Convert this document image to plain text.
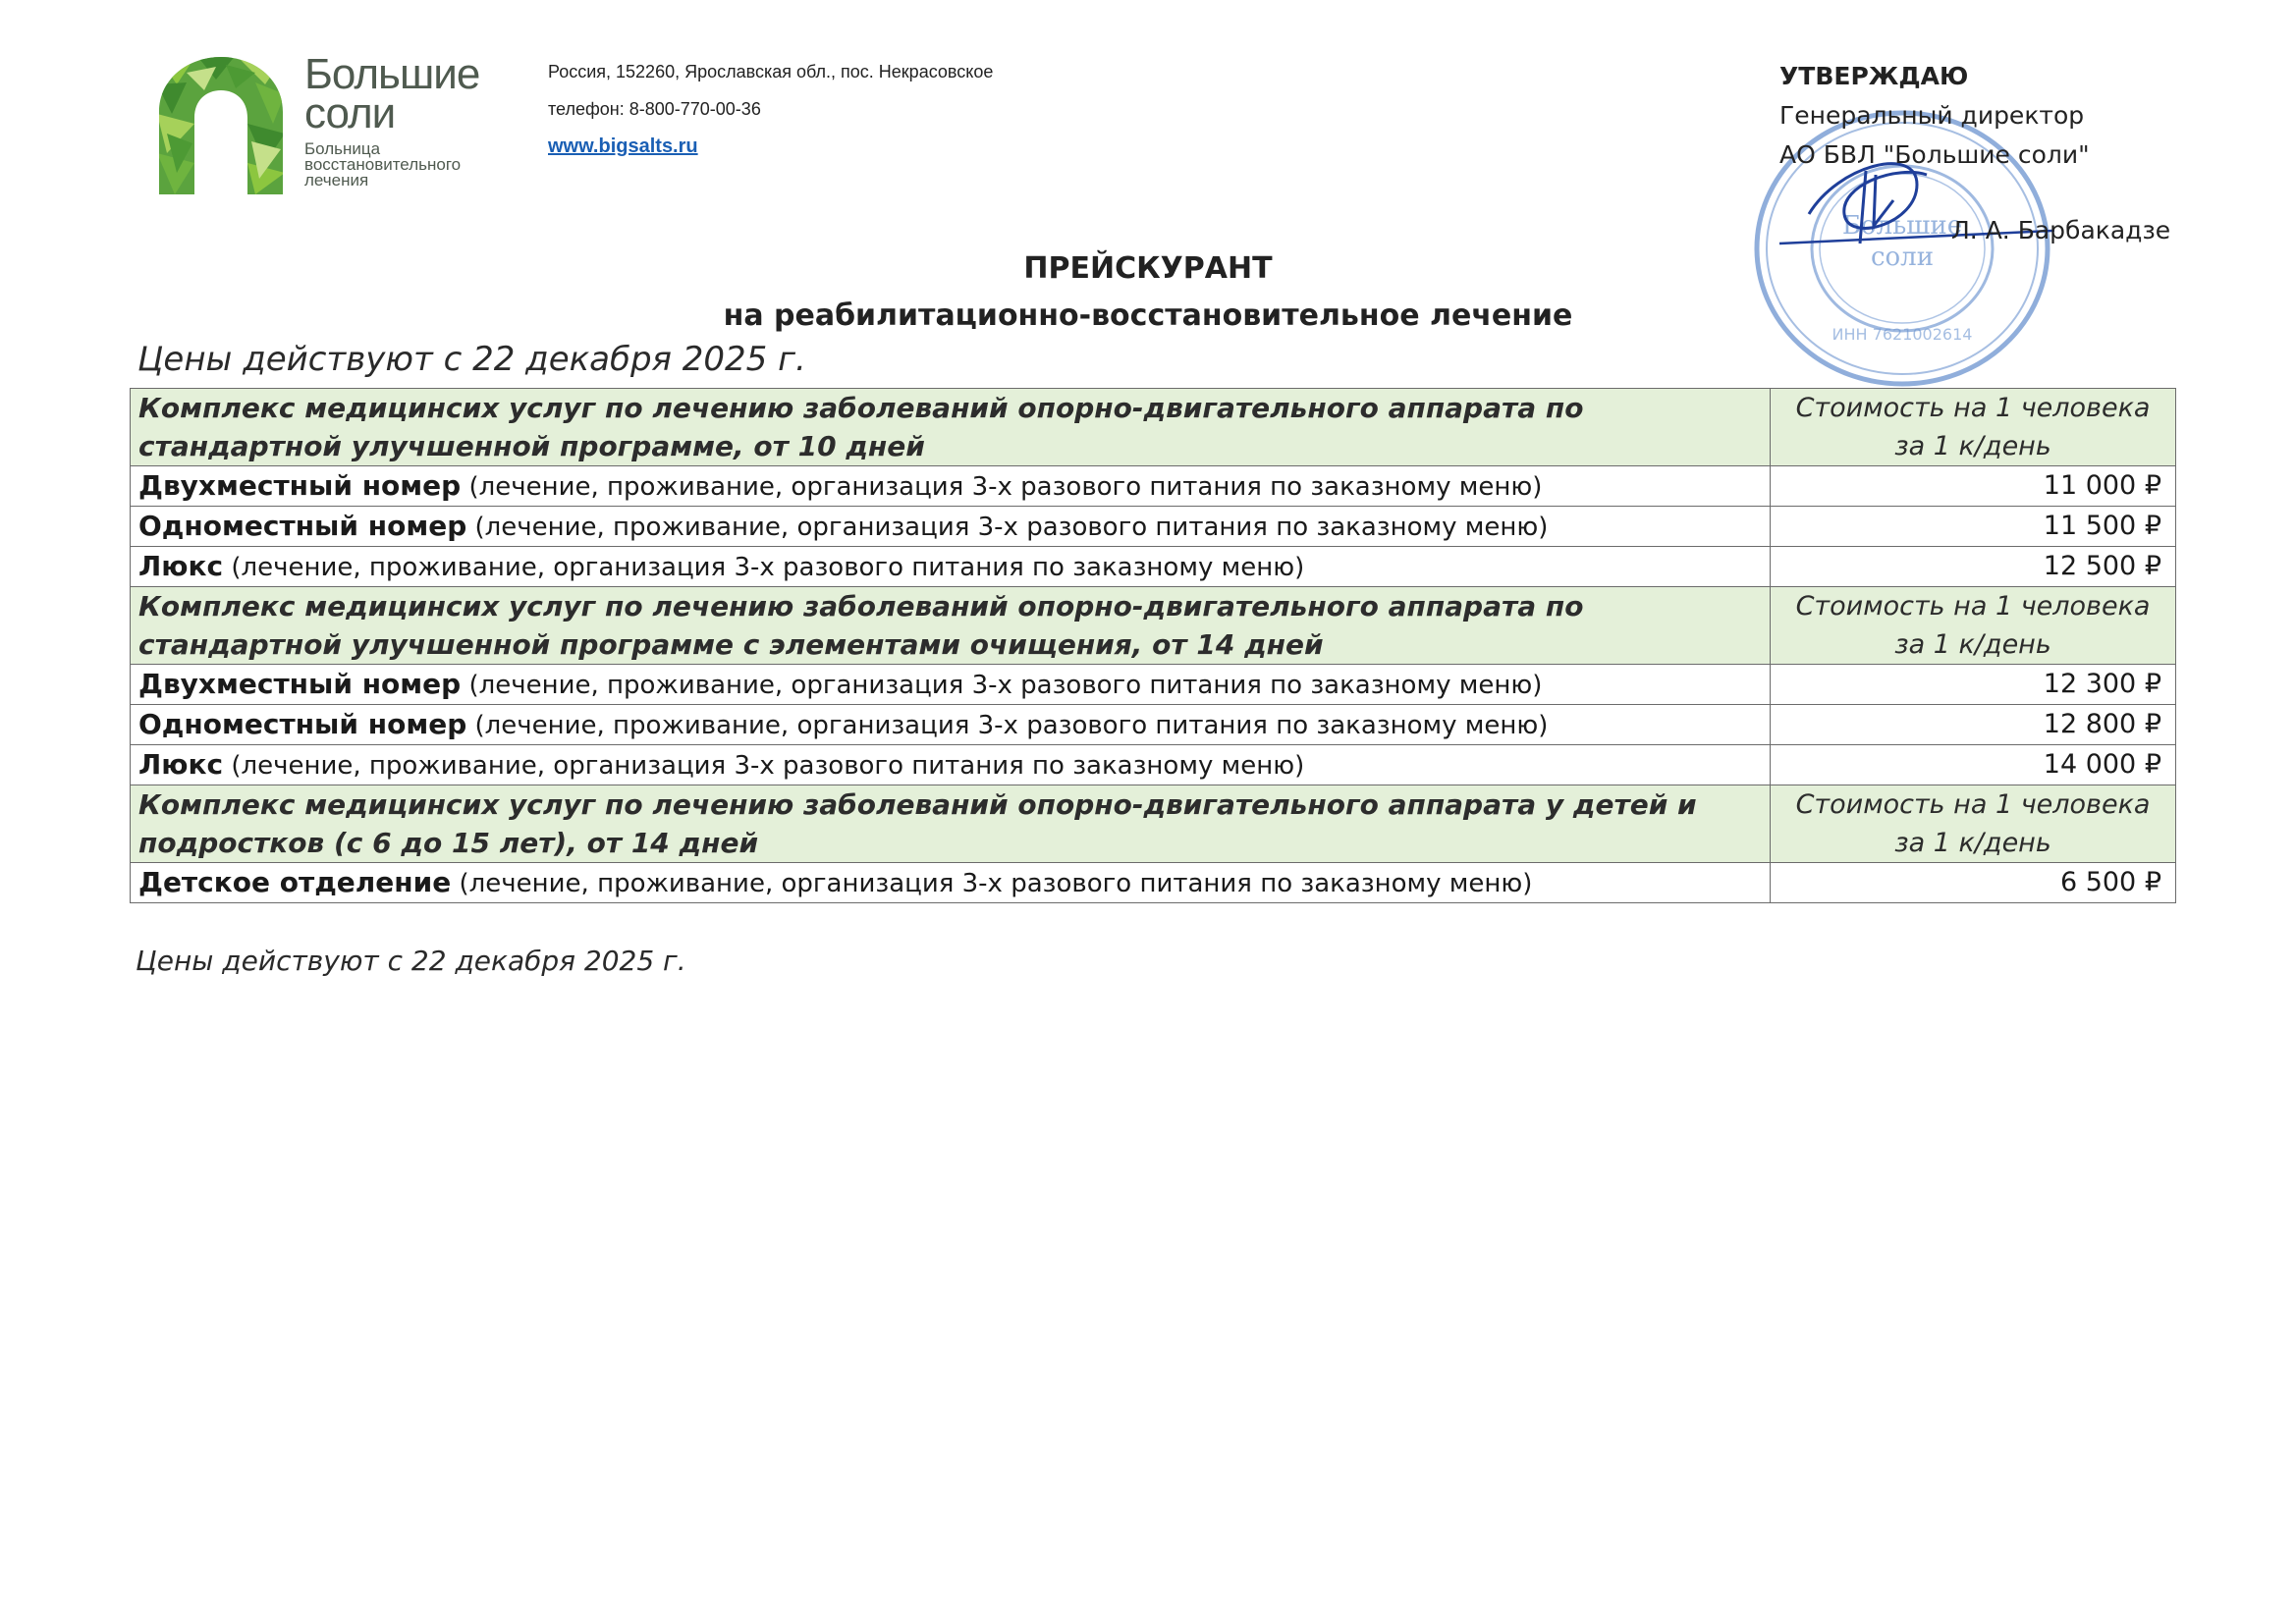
Большие
соли
Больница
восстановительного
лечения
Россия, 152260, Ярославская обл., пос. Некрасовское
телефон: 8-800-770-00-36
www.bigsalts.ru
Большие
соли
ИНН 7621002614
УТВЕРЖДАЮ
Генеральный директор
АО БВЛ "Большие соли"
Л. А. Барбакадзе
ПРЕЙСКУРАНТ
на реабилитационно-восстановительное лечение
Цены действуют с 22 декабря 2025 г.
Комплекс медицинсих услуг по лечению заболеваний опорно-двигательного аппарата по стандартной улучшенной программе, от 10 дней	Стоимость на 1 человека за 1 к/день
Двухместный номер (лечение, проживание, организация 3-х разового питания по заказному меню)	11 000 ₽
Одноместный номер (лечение, проживание, организация 3-х разового питания по заказному меню)	11 500 ₽
Люкс (лечение, проживание, организация 3-х разового питания по заказному меню)	12 500 ₽
Комплекс медицинсих услуг по лечению заболеваний опорно-двигательного аппарата по стандартной улучшенной программе с элементами очищения, от 14 дней	Стоимость на 1 человека за 1 к/день
Двухместный номер (лечение, проживание, организация 3-х разового питания по заказному меню)	12 300 ₽
Одноместный номер (лечение, проживание, организация 3-х разового питания по заказному меню)	12 800 ₽
Люкс (лечение, проживание, организация 3-х разового питания по заказному меню)	14 000 ₽
Комплекс медицинсих услуг по лечению заболеваний опорно-двигательного аппарата у детей и подростков (с 6 до 15 лет), от 14 дней	Стоимость на 1 человека за 1 к/день
Детское отделение (лечение, проживание, организация 3-х разового питания по заказному меню)	6 500 ₽
Цены действуют с 22 декабря 2025 г.
